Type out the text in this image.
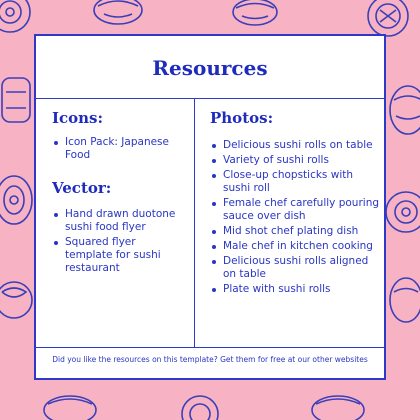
Resources
Icons:
Icon Pack: Japanese Food
Vector:
Hand drawn duotone sushi food flyer
Squared flyer template for sushi restaurant
Photos:
Delicious sushi rolls on table
Variety of sushi rolls
Close-up chopsticks with sushi roll
Female chef carefully pouring sauce over dish
Mid shot chef plating dish
Male chef in kitchen cooking
Delicious sushi rolls aligned on table
Plate with sushi rolls
Did you like the resources on this template? Get them for free at our other websites
